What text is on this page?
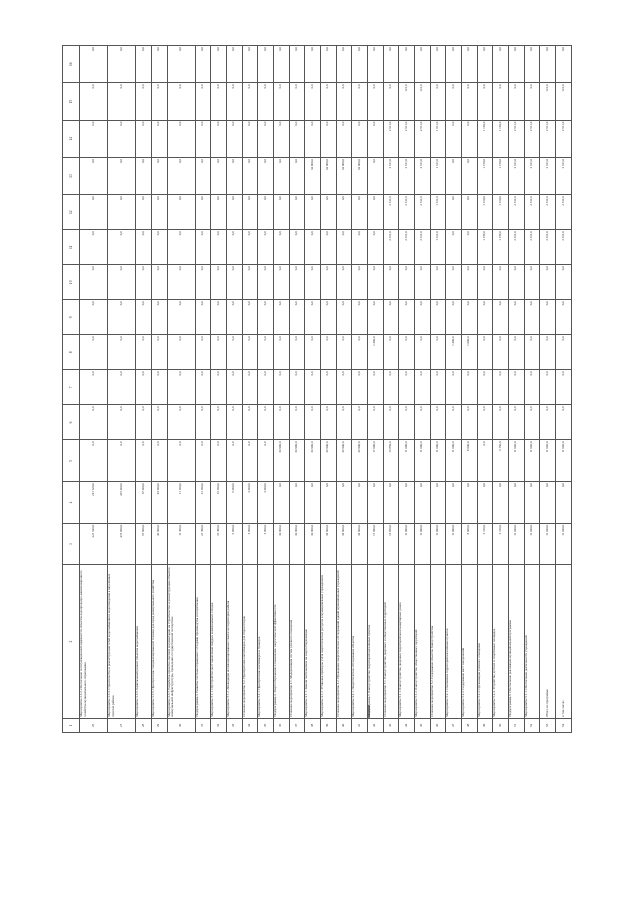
1	2	3	4	5	6	7	8	9	10	11	12	13	14	15	16
26	Мероприятие 2.3.3. Обеспечение эксплуатационной надёжности объектов водопроводно-канализационного хозяйства муниципального образования	221 620,0	221 620,0	0,0	0,0	0,0	0,0	0,0	0,0	0,0	0,0	0,0	0,0	0,0	0,0
27	Мероприятие 2.3.4. Строительство и реконструкция сетей водоснабжения и водоотведения в населённых пунктах района	415 000,0	415 000,0	0,0	0,0	0,0	0,0	0,0	0,0	0,0	0,0	0,0	0,0	0,0	0,0
28	Мероприятие 2.3.5. Капитальный ремонт объектов водоснабжения	67 000,0	67 000,0	0,0	0,0	0,0	0,0	0,0	0,0	0,0	0,0	0,0	0,0	0,0	0,0
29	Мероприятие 2.3.6. Приобретение специализированной техники для нужд коммунального хозяйства	43 000,0	43 000,0	0,0	0,0	0,0	0,0	0,0	0,0	0,0	0,0	0,0	0,0	0,0	0,0
30	Мероприятие 2.3.7. Разработка проектно-сметной документации на строительство и реконструкцию объектов коммунальной инфраструктуры, проведение государственной экспертизы	11 300,0	11 300,0	0,0	0,0	0,0	0,0	0,0	0,0	0,0	0,0	0,0	0,0	0,0	0,0
31	Подпрограмма 3. Развитие системы обращения с отходами производства и потребления	21 390,0	21 390,0	0,0	0,0	0,0	0,0	0,0	0,0	0,0	0,0	0,0	0,0	0,0	0,0
32	Мероприятие 3.1.1. Обустройство мест накопления твёрдых коммунальных отходов	15 390,0	15 390,0	0,0	0,0	0,0	0,0	0,0	0,0	0,0	0,0	0,0	0,0	0,0	0,0
33	Мероприятие 3.1.2. Ликвидация несанкционированных свалок на территории района	6 000,0	6 000,0	0,0	0,0	0,0	0,0	0,0	0,0	0,0	0,0	0,0	0,0	0,0	0,0
34	Основное мероприятие 3.2. Приобретение контейнеров для сбора отходов	3 000,0	3 000,0	0,0	0,0	0,0	0,0	0,0	0,0	0,0	0,0	0,0	0,0	0,0	0,0
35	Мероприятие 3.2.1. Приобретение контейнеров и бункеров	3 000,0	3 000,0	0,0	0,0	0,0	0,0	0,0	0,0	0,0	0,0	0,0	0,0	0,0	0,0
36	Подпрограмма 4. Энергосбережение и повышение энергетической эффективности	34 900,0	0,0	34 900,0	0,0	0,0	0,0	0,0	0,0	0,0	0,0	0,0	0,0	0,0	0,0
37	Основное мероприятие 4.1. Модернизация систем уличного освещения	34 900,0	0,0	34 900,0	0,0	0,0	0,0	0,0	0,0	0,0	0,0	0,0	0,0	0,0	0,0
38	Мероприятие 4.1.1. Замена светильников на энергосберегающие	34 900,0	0,0	34 900,0	0,0	0,0	0,0	0,0	0,0	0,0	0,0	34 900,0	0,0	0,0	0,0
39	Мероприятие 4.1.2. Установка приборов учёта энергетических ресурсов в муниципальных учреждениях	34 900,0	0,0	34 900,0	0,0	0,0	0,0	0,0	0,0	0,0	0,0	34 900,0	0,0	0,0	0,0
40	Основное мероприятие 4.2. Проведение энергетических обследований зданий муниципальных учреждений	34 900,0	0,0	34 900,0	0,0	0,0	0,0	0,0	0,0	0,0	0,0	34 900,0	0,0	0,0	0,0
41	Мероприятие 4.2.1. Энергетическое обследование объектов	34 900,0	0,0	34 900,0	0,0	0,0	0,0	0,0	0,0	0,0	0,0	34 900,0	0,0	0,0	0,0
42	Подпрограмма 5. Благоустройство территорий населённых пунктов	17 090,0	0,0	17 090,0	0,0	0,0	1 400,0	0,0	0,0	0,0	0,0	0,0	0,0	0,0	0,0
43	Основное мероприятие 5.1. Благоустройство дворовых и общественных территорий	13 850,0	0,0	13 850,0	0,0	0,0	0,0	0,0	0,0	2 611,0	2 611,0	2 611,0	2 611,0	0,0	0,0
44	Мероприятие 5.1.1. Благоустройство дворовых территорий многоквартирных домов	11 090,0	0,0	11 090,0	0,0	0,0	0,0	0,0	0,0	2 611,0	2 611,0	2 611,0	2 611,0	121,0	0,0
45	Мероприятие 5.1.2. Благоустройство общественных территорий	11 090,0	0,0	11 090,0	0,0	0,0	0,0	0,0	0,0	2 611,0	2 611,0	2 611,0	2 611,0	121,0	0,0
46	Основное мероприятие 5.2. Содержание объектов благоустройства	11 090,0	0,0	11 090,0	0,0	0,0	0,0	0,0	0,0	1 611,0	1 611,0	1 611,0	1 611,0	0,0	0,0
47	Мероприятие 5.2.1. Озеленение территорий населённых пунктов	11 090,0	0,0	11 090,0	0,0	0,0	1 400,0	0,0	0,0	0,0	0,0	0,0	0,0	0,0	0,0
48	Мероприятие 5.2.2. Содержание мест захоронений	8 000,0	0,0	8 000,0	0,0	0,0	1 000,0	0,0	0,0	0,0	0,0	0,0	0,0	0,0	0,0
49	Мероприятие 5.2.3. Организация уличного освещения	3 150,0	0,0	0,0	0,0	0,0	0,0	0,0	0,0	1 150,0	1 150,0	1 150,0	1 150,0	0,0	0,0
50	Мероприятие 5.2.4. Устройство детских и спортивных площадок	3 150,0	0,0	3 150,0	0,0	0,0	0,0	0,0	0,0	1 150,0	1 150,0	1 150,0	1 150,0	0,0	0,0
51	Подпрограмма 6. Обеспечение реализации муниципальной программы	11 040,0	0,0	11 040,0	0,0	0,0	0,0	0,0	0,0	2 611,0	2 611,0	2 611,0	2 611,0	0,0	0,0
52	Мероприятие 6.1.1. Обеспечение деятельности учреждений	11 040,0	0,0	11 040,0	0,0	0,0	0,0	0,0	0,0	2 611,0	2 611,0	2 611,0	2 611,0	0,0	0,0
53	Итого по программе	11 040,0	0,0	11 040,0	0,0	0,0	0,0	0,0	0,0	2 611,0	2 611,0	2 611,0	2 611,0	121,0	0,0
54	в том числе:	11 040,0	0,0	11 040,0	0,0	0,0	0,0	0,0	0,0	2 611,0	2 611,0	2 611,0	2 611,0	121,0	0,0
